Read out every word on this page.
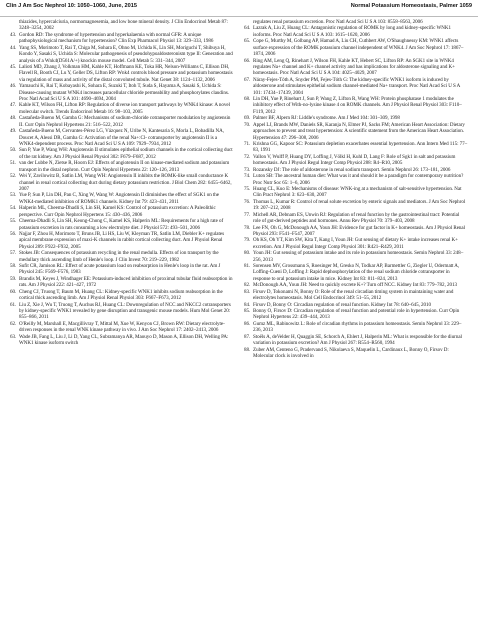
Clin J Am Soc Nephrol 10: 1050–1060, June, 2015	Normal Potassium Homeostasis, Palmer 1059

thiazides, hypercalciuria, normomagnesemia, and low bone mineral density. J Clin Endocrinol Metab 87: 3248–3254, 2002

43. Gordon RD: The syndrome of hypertension and hyperkalaemia with normal GFR: A unique pathophysiological mechanism for hypertension? Clin Exp Pharmacol Physiol 13: 329–333, 1986

44. Yang SS, Morimoto T, Rai T, Chiga M, Sohara E, Ohno M, Uchida K, Lin SH, Moriguchi T, Shibuya H, Kondo Y, Sasaki S, Uchida S: Molecular pathogenesis of pseudohypoaldosteronism type II: Generation and analysis of a Wnk4(D561A/+) knockin mouse model. Cell Metab 5: 331–344, 2007

45. Lalioti MD, Zhang J, Volkman HM, Kahle KT, Hoffmann KE, Toka HR, Nelson-Williams C, Ellison DH, Flavell R, Booth CJ, Lu Y, Geller DS, Lifton RP: Wnk4 controls blood pressure and potassium homeostasis via regulation of mass and activity of the distal convoluted tubule. Nat Genet 38: 1124–1132, 2006

46. Yamauchi K, Rai T, Kobayashi K, Sohara E, Suzuki T, Itoh T, Suda S, Hayama A, Sasaki S, Uchida S: Disease-causing mutant WNK4 increases paracellular chloride permeability and phosphorylates claudins. Proc Natl Acad Sci U S A 101: 4690–4694, 2004

47. Kahle KT, Wilson FH, Lifton RP: Regulation of diverse ion transport pathways by WNK4 kinase: A novel molecular switch. Trends Endocrinol Metab 16: 98–103, 2005

48. Castañeda-Bueno M, Gamba G: Mechanisms of sodium-chloride cotransporter modulation by angiotensin II. Curr Opin Nephrol Hypertens 21: 516–522, 2012

49. Castañeda-Bueno M, Cervantes-Pérez LG, Vázquez N, Uribe N, Kantesaria S, Morla L, Bobadilla NA, Doucet A, Alessi DR, Gamba G: Activation of the renal Na+:Cl- cotransporter by angiotensin II is a WNK4-dependent process. Proc Natl Acad Sci U S A 109: 7929–7934, 2012

50. Sun P, Yue P, Wang WH: Angiotensin II stimulates epithelial sodium channels in the cortical collecting duct of the rat kidney. Am J Physiol Renal Physiol 302: F679–F687, 2012

51. van der Lubbe N, Zietse R, Hoorn EJ: Effects of angiotensin II on kinase-mediated sodium and potassium transport in the distal nephron. Curr Opin Nephrol Hypertens 22: 120–126, 2013

52. Wei Y, Zavilowitz B, Satlin LM, Wang WH: Angiotensin II inhibits the ROMK-like small conductance K channel in renal cortical collecting duct during dietary potassium restriction. J Biol Chem 282: 6455–6462, 2007

53. Yue P, Sun P, Lin DH, Pan C, Xing W, Wang W: Angiotensin II diminishes the effect of SGK1 on the WNK4-mediated inhibition of ROMK1 channels. Kidney Int 79: 423–431, 2011

54. Halperin ML, Cheema-Dhadli S, Lin SH, Kamel KS: Control of potassium excretion: A Paleolithic perspective. Curr Opin Nephrol Hypertens 15: 430–436, 2006

55. Cheema-Dhadli S, Lin SH, Keong-Chong C, Kamel KS, Halperin ML: Requirements for a high rate of potassium excretion in rats consuming a low electrolyte diet. J Physiol 572: 493–501, 2006

56. Najjar F, Zhou H, Morimoto T, Bruns JB, Li HS, Liu W, Kleyman TR, Satlin LM, Diebler K+ regulates apical membrane expression of maxi-K channels in rabbit cortical collecting duct. Am J Physiol Renal Physiol 289: F922–F932, 2005

57. Stokes JB: Consequences of potassium recycling in the renal medulla. Effects of ion transport by the medullary thick ascending limb of Henle's loop. J Clin Invest 70: 219–229, 1982

58. Sufit CR, Jamison RL: Effect of acute potassium load on reabsorption in Henle's loop in the rat. Am J Physiol 245: F569–F576, 1983

59. Brandis M, Keyes J, Windhager EE: Potassium-induced inhibition of proximal tubular fluid reabsorption in rats. Am J Physiol 222: 421–427, 1972

60. Cheng CJ, Truong T, Baum M, Huang CL: Kidney-specific WNK1 inhibits sodium reabsorption in the cortical thick ascending limb. Am J Physiol Renal Physiol 303: F667–F673, 2012

61. Liu Z, Xie J, Wu T, Truong T, Auchus RJ, Huang CL: Downregulation of NCC and NKCC2 cotransporters by kidney-specific WNK1 revealed by gene disruption and transgenic mouse models. Hum Mol Genet 20: 855–866, 2011

62. O'Reilly M, Marshall E, Macgillivray T, Mittal M, Xue W, Kenyon CJ, Brown RW: Dietary electrolyte-driven responses in the renal WNK kinase pathway in vivo. J Am Soc Nephrol 17: 2402–2413, 2006

63. Wade JB, Fang L, Liu J, Li D, Yang CL, Subramanya AR, Maouyo D, Mason A, Ellison DH, Welling PA: WNK1 kinase isoform switch

regulates renal potassium excretion. Proc Natl Acad Sci U S A 103: 8558–8563, 2006

64. Lazrak A, Liu Z, Huang CL: Antagonistic regulation of ROMK by long and kidney-specific WNK1 isoforms. Proc Natl Acad Sci U S A 103: 1615–1620, 2006

65. Cope G, Murthy M, Golbang AP, Hamad A, Liu CH, Cuthbert AW, O'Shaughnessy KM: WNK1 affects surface expression of the ROMK potassium channel independent of WNK4. J Am Soc Nephrol 17: 1867–1874, 2006

66. Ring AM, Leng Q, Rinehart J, Wilson FH, Kahle KT, Hebert SC, Lifton RP: An SGK1 site in WNK4 regulates Na+ channel and K+ channel activity and has implications for aldosterone signaling and K+ homeostasis. Proc Natl Acad Sci U S A 104: 4025–4029, 2007

67. Náray-Fejes-Tóth A, Snyder PM, Fejes-Tóth G: The kidney-specific WNK1 isoform is induced by aldosterone and stimulates epithelial sodium channel-mediated Na+ transport. Proc Natl Acad Sci U S A 101: 17434–17439, 2004

68. Lin DH, Yue P, Rinehart J, Sun P, Wang Z, Lifton R, Wang WH: Protein phosphatase 1 modulates the inhibitory effect of With-no-lysine kinase 4 on ROMK channels. Am J Physiol Renal Physiol 303: F110–F119, 2012

69. Palmer BF, Alpern RJ: Liddle's syndrome. Am J Med 104: 301–309, 1998

70. Appel LJ, Brands MW, Daniels SR, Karanja N, Elmer PJ, Sacks FM; American Heart Association: Dietary approaches to prevent and treat hypertension: A scientific statement from the American Heart Association. Hypertension 47: 296–308, 2006

71. Krishna GG, Kapoor SC: Potassium depletion exacerbates essential hypertension. Ann Intern Med 115: 77–83, 1991

72. Vallon V, Wulff P, Huang DY, Loffing J, Völkl H, Kuhl D, Lang F: Role of Sgk1 in salt and potassium homeostasis. Am J Physiol Regul Integr Comp Physiol 288: R4–R10, 2005

73. Rozansky DJ: The role of aldosterone in renal sodium transport. Semin Nephrol 26: 173–181, 2006

74. Luton SB: The ancestral human diet: What was it and should it be a paradigm for contemporary nutrition? Proc Nutr Soc 65: 1–6, 2006

75. Huang CL, Kuo E: Mechanisms of disease: WNK-ing at a mechanism of salt-sensitive hypertension. Nat Clin Pract Nephrol 3: 623–630, 2007

76. Thomas L, Kumar R: Control of renal solute excretion by enteric signals and mediators. J Am Soc Nephrol 19: 207–212, 2008

77. Michell AR, Debnam ES, Unwin RJ: Regulation of renal function by the gastrointestinal tract: Potential role of gut-derived peptides and hormones. Annu Rev Physiol 70: 379–403, 2008

78. Lee FN, Oh G, McDonough AA, Youn JH: Evidence for gut factor in K+ homeostasis. Am J Physiol Renal Physiol 293: F541–F547, 2007

79. Oh KS, Oh YT, Kim SW, Kita T, Kang I, Youn JH: Gut sensing of dietary K+ intake increases renal K+ excretion. Am J Physiol Regul Integr Comp Physiol 301: R421–R429, 2011

80. Youn JH: Gut sensing of potassium intake and its role in potassium homeostasis. Semin Nephrol 33: 248–256, 2013

81. Sorensen MV, Grossmann S, Roesinger M, Gresko N, Todkar AP, Barmettler G, Ziegler U, Odermatt A, Loffing-Cueni D, Loffing J: Rapid dephosphorylation of the renal sodium chloride cotransporter in response to oral potassium intake in mice. Kidney Int 83: 811–824, 2013

82. McDonough AA, Youn JH: Need to quickly excrete K+? Turn off NCC. Kidney Int 83: 779–782, 2013

83. Firsov D, Tokonami N, Bonny O: Role of the renal circadian timing system in maintaining water and electrolytes homeostasis. Mol Cell Endocrinol 349: 51–55, 2012

84. Firsov D, Bonny O: Circadian regulation of renal function. Kidney Int 78: 640–645, 2010

85. Bonny O, Firsov D: Circadian regulation of renal function and potential role in hypertension. Curr Opin Nephrol Hypertens 22: 439–444, 2013

86. Gumz ML, Rabinowitz L: Role of circadian rhythms in potassium homeostasis. Semin Nephrol 33: 229–236, 2013

87. Stoëls A, deVelder H, Quaggin SE, Schorch A, Ehlert J, Halperin ML: What is responsible for the diurnal variation in potassium excretion? Am J Physiol 267: R554–R560, 1994

88. Zuber AM, Centeno G, Pradervand S, Nikolaeva S, Maquelin L, Cardinaux L, Bonny O, Firsov D: Molecular clock is involved in
